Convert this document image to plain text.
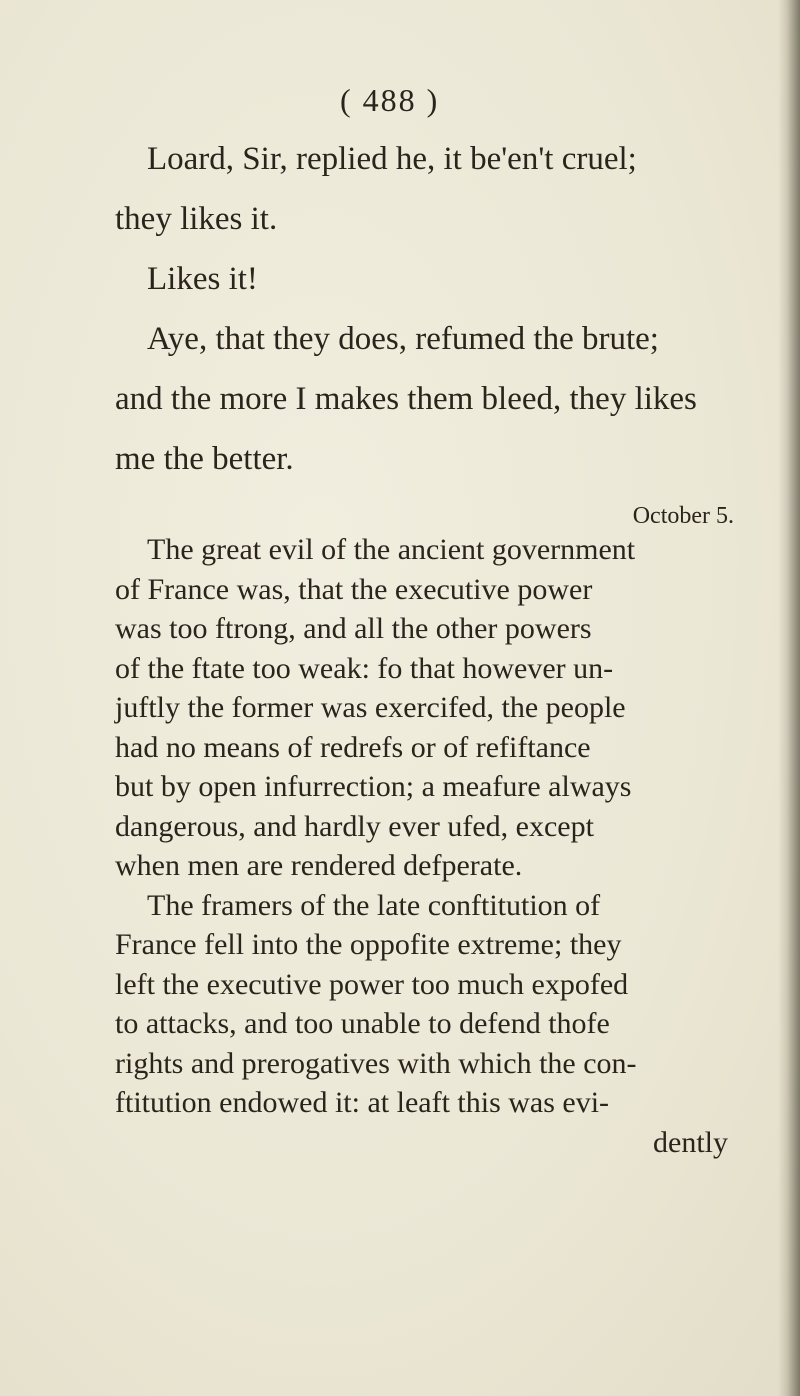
( 488 )
Loard, Sir, replied he, it be'en't cruel;
they likes it.
Likes it!
Aye, that they does, refumed the brute;
and the more I makes them bleed, they likes
me the better.
October 5.
The great evil of the ancient government
of France was, that the executive power
was too ftrong, and all the other powers
of the ftate too weak: fo that however un-
juftly the former was exercifed, the people
had no means of redrefs or of refiftance
but by open infurrection; a meafure always
dangerous, and hardly ever ufed, except
when men are rendered defperate.
The framers of the late conftitution of
France fell into the oppofite extreme; they
left the executive power too much expofed
to attacks, and too unable to defend thofe
rights and prerogatives with which the con-
ftitution endowed it: at leaft this was evi-
dently
